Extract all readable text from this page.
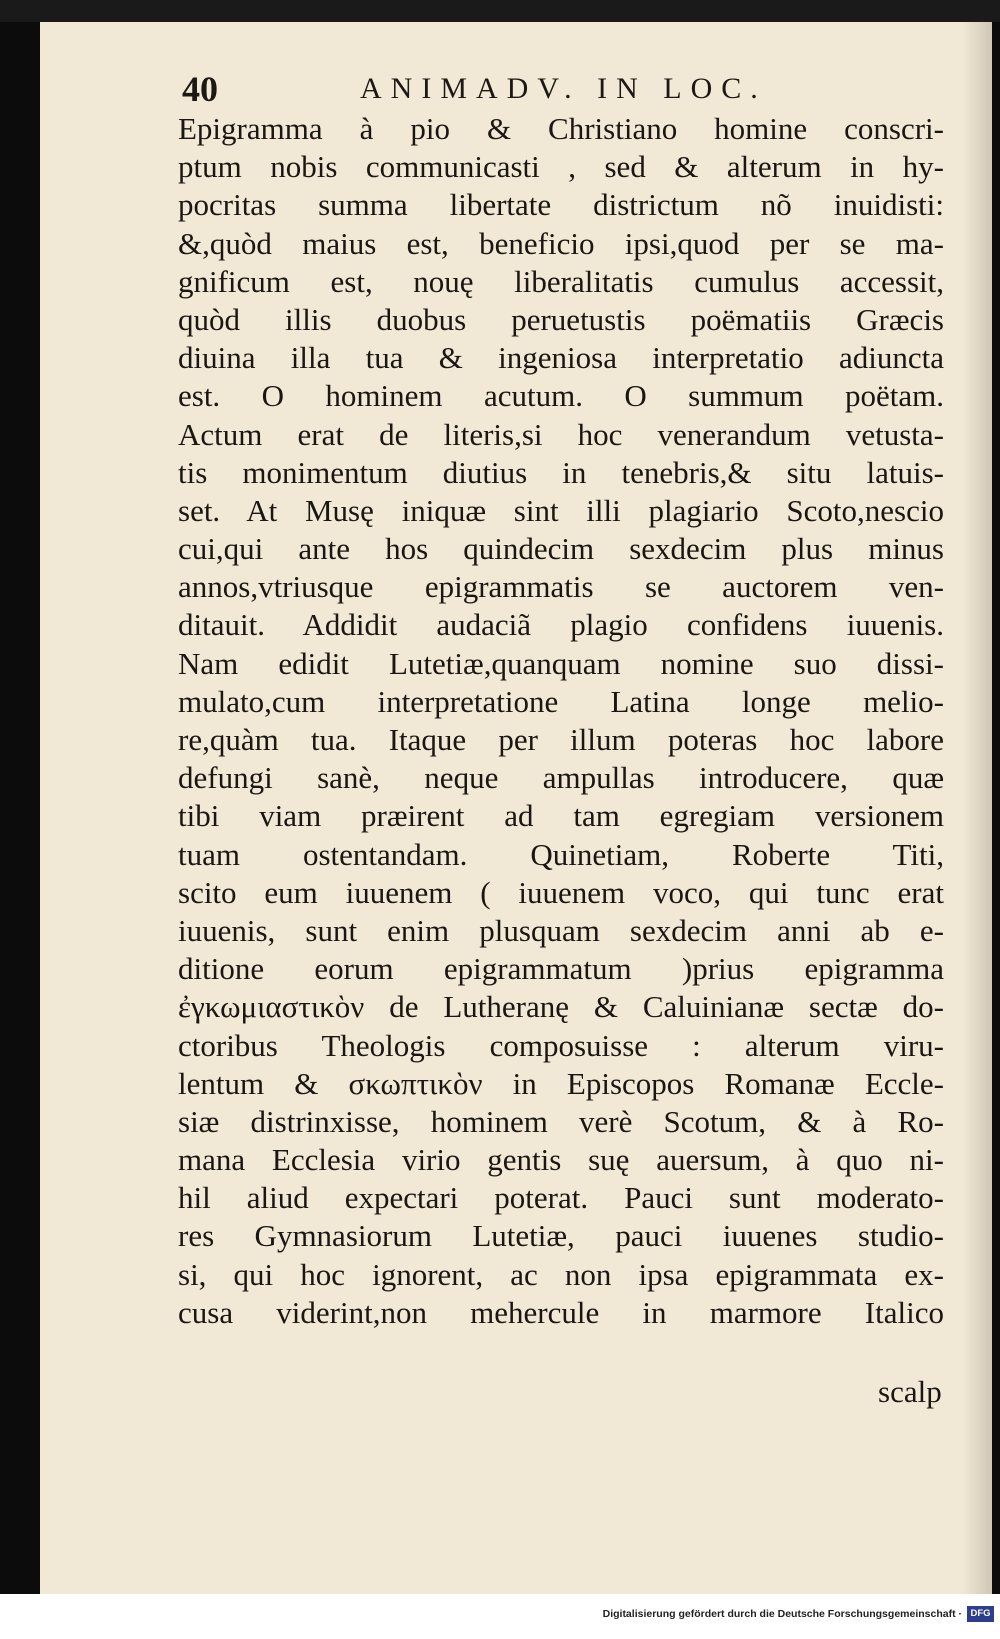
40	ANIMADV. IN LOC.
Epigramma à pio & Christiano homine conscri-
ptum nobis communicasti , sed & alterum in hy-
pocritas summa libertate districtum nõ inuidisti:
&,quòd maius est, beneficio ipsi,quod per se ma-
gnificum est, nouę liberalitatis cumulus accessit,
quòd illis duobus peruetustis poëmatiis Græcis
diuina illa tua & ingeniosa interpretatio adiuncta
est. O hominem acutum. O summum poëtam.
Actum erat de literis,si hoc venerandum vetusta-
tis monimentum diutius in tenebris,& situ latuis-
set. At Musę iniquæ sint illi plagiario Scoto,nescio
cui,qui ante hos quindecim sexdecim plus minus
annos,vtriusque epigrammatis se auctorem ven-
ditauit. Addidit audaciã plagio confidens iuuenis.
Nam edidit Lutetiæ,quanquam nomine suo dissi-
mulato,cum interpretatione Latina longe melio-
re,quàm tua. Itaque per illum poteras hoc labore
defungi sanè, neque ampullas introducere, quæ
tibi viam præirent ad tam egregiam versionem
tuam ostentandam. Quinetiam, Roberte Titi,
scito eum iuuenem ( iuuenem voco, qui tunc erat
iuuenis, sunt enim plusquam sexdecim anni ab e-
ditione eorum epigrammatum )prius epigramma
ἐγκωμιαστικὸν de Lutheranę & Caluinianæ sectæ do-
ctoribus Theologis composuisse : alterum viru-
lentum & σκωπτικὸν in Episcopos Romanæ Eccle-
siæ distrinxisse, hominem verè Scotum, & à Ro-
mana Ecclesia virio gentis suę auersum, à quo ni-
hil aliud expectari poterat. Pauci sunt moderato-
res Gymnasiorum Lutetiæ, pauci iuuenes studio-
si, qui hoc ignorent, ac non ipsa epigrammata ex-
cusa viderint,non mehercule in marmore Italico
scalp
Digitalisierung gefördert durch die Deutsche Forschungsgemeinschaft · DFG
